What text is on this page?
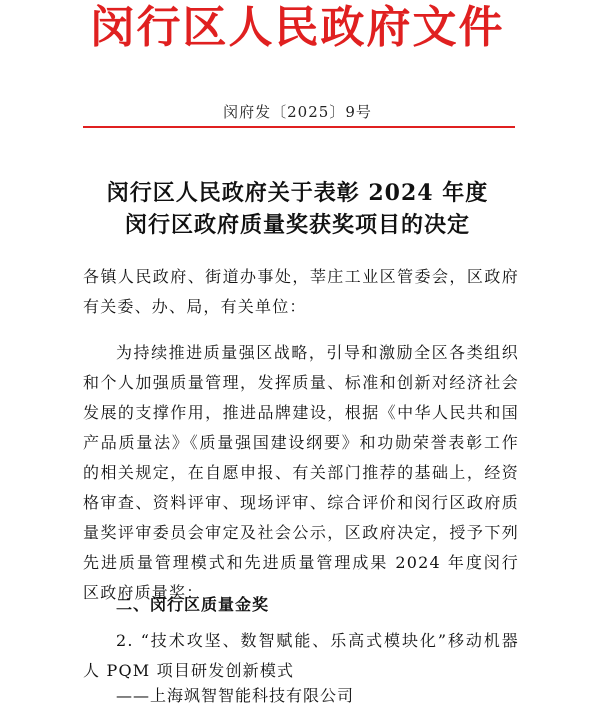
闵行区人民政府文件
闵府发〔2025〕9号
闵行区人民政府关于表彰 2024 年度
闵行区政府质量奖获奖项目的决定

各镇人民政府、街道办事处，莘庄工业区管委会，区政府有关委、办、局，有关单位：

为持续推进质量强区战略，引导和激励全区各类组织和个人加强质量管理，发挥质量、标准和创新对经济社会发展的支撑作用，推进品牌建设，根据《中华人民共和国产品质量法》《质量强国建设纲要》和功勋荣誉表彰工作的相关规定，在自愿申报、有关部门推荐的基础上，经资格审查、资料评审、现场评审、综合评价和闵行区政府质量奖评审委员会审定及社会公示，区政府决定，授予下列先进质量管理模式和先进质量管理成果 2024 年度闵行区政府质量奖：

二、闵行区质量金奖

2. “技术攻坚、数智赋能、乐高式模块化”移动机器人 PQM 项目研发创新模式

——上海飒智智能科技有限公司
